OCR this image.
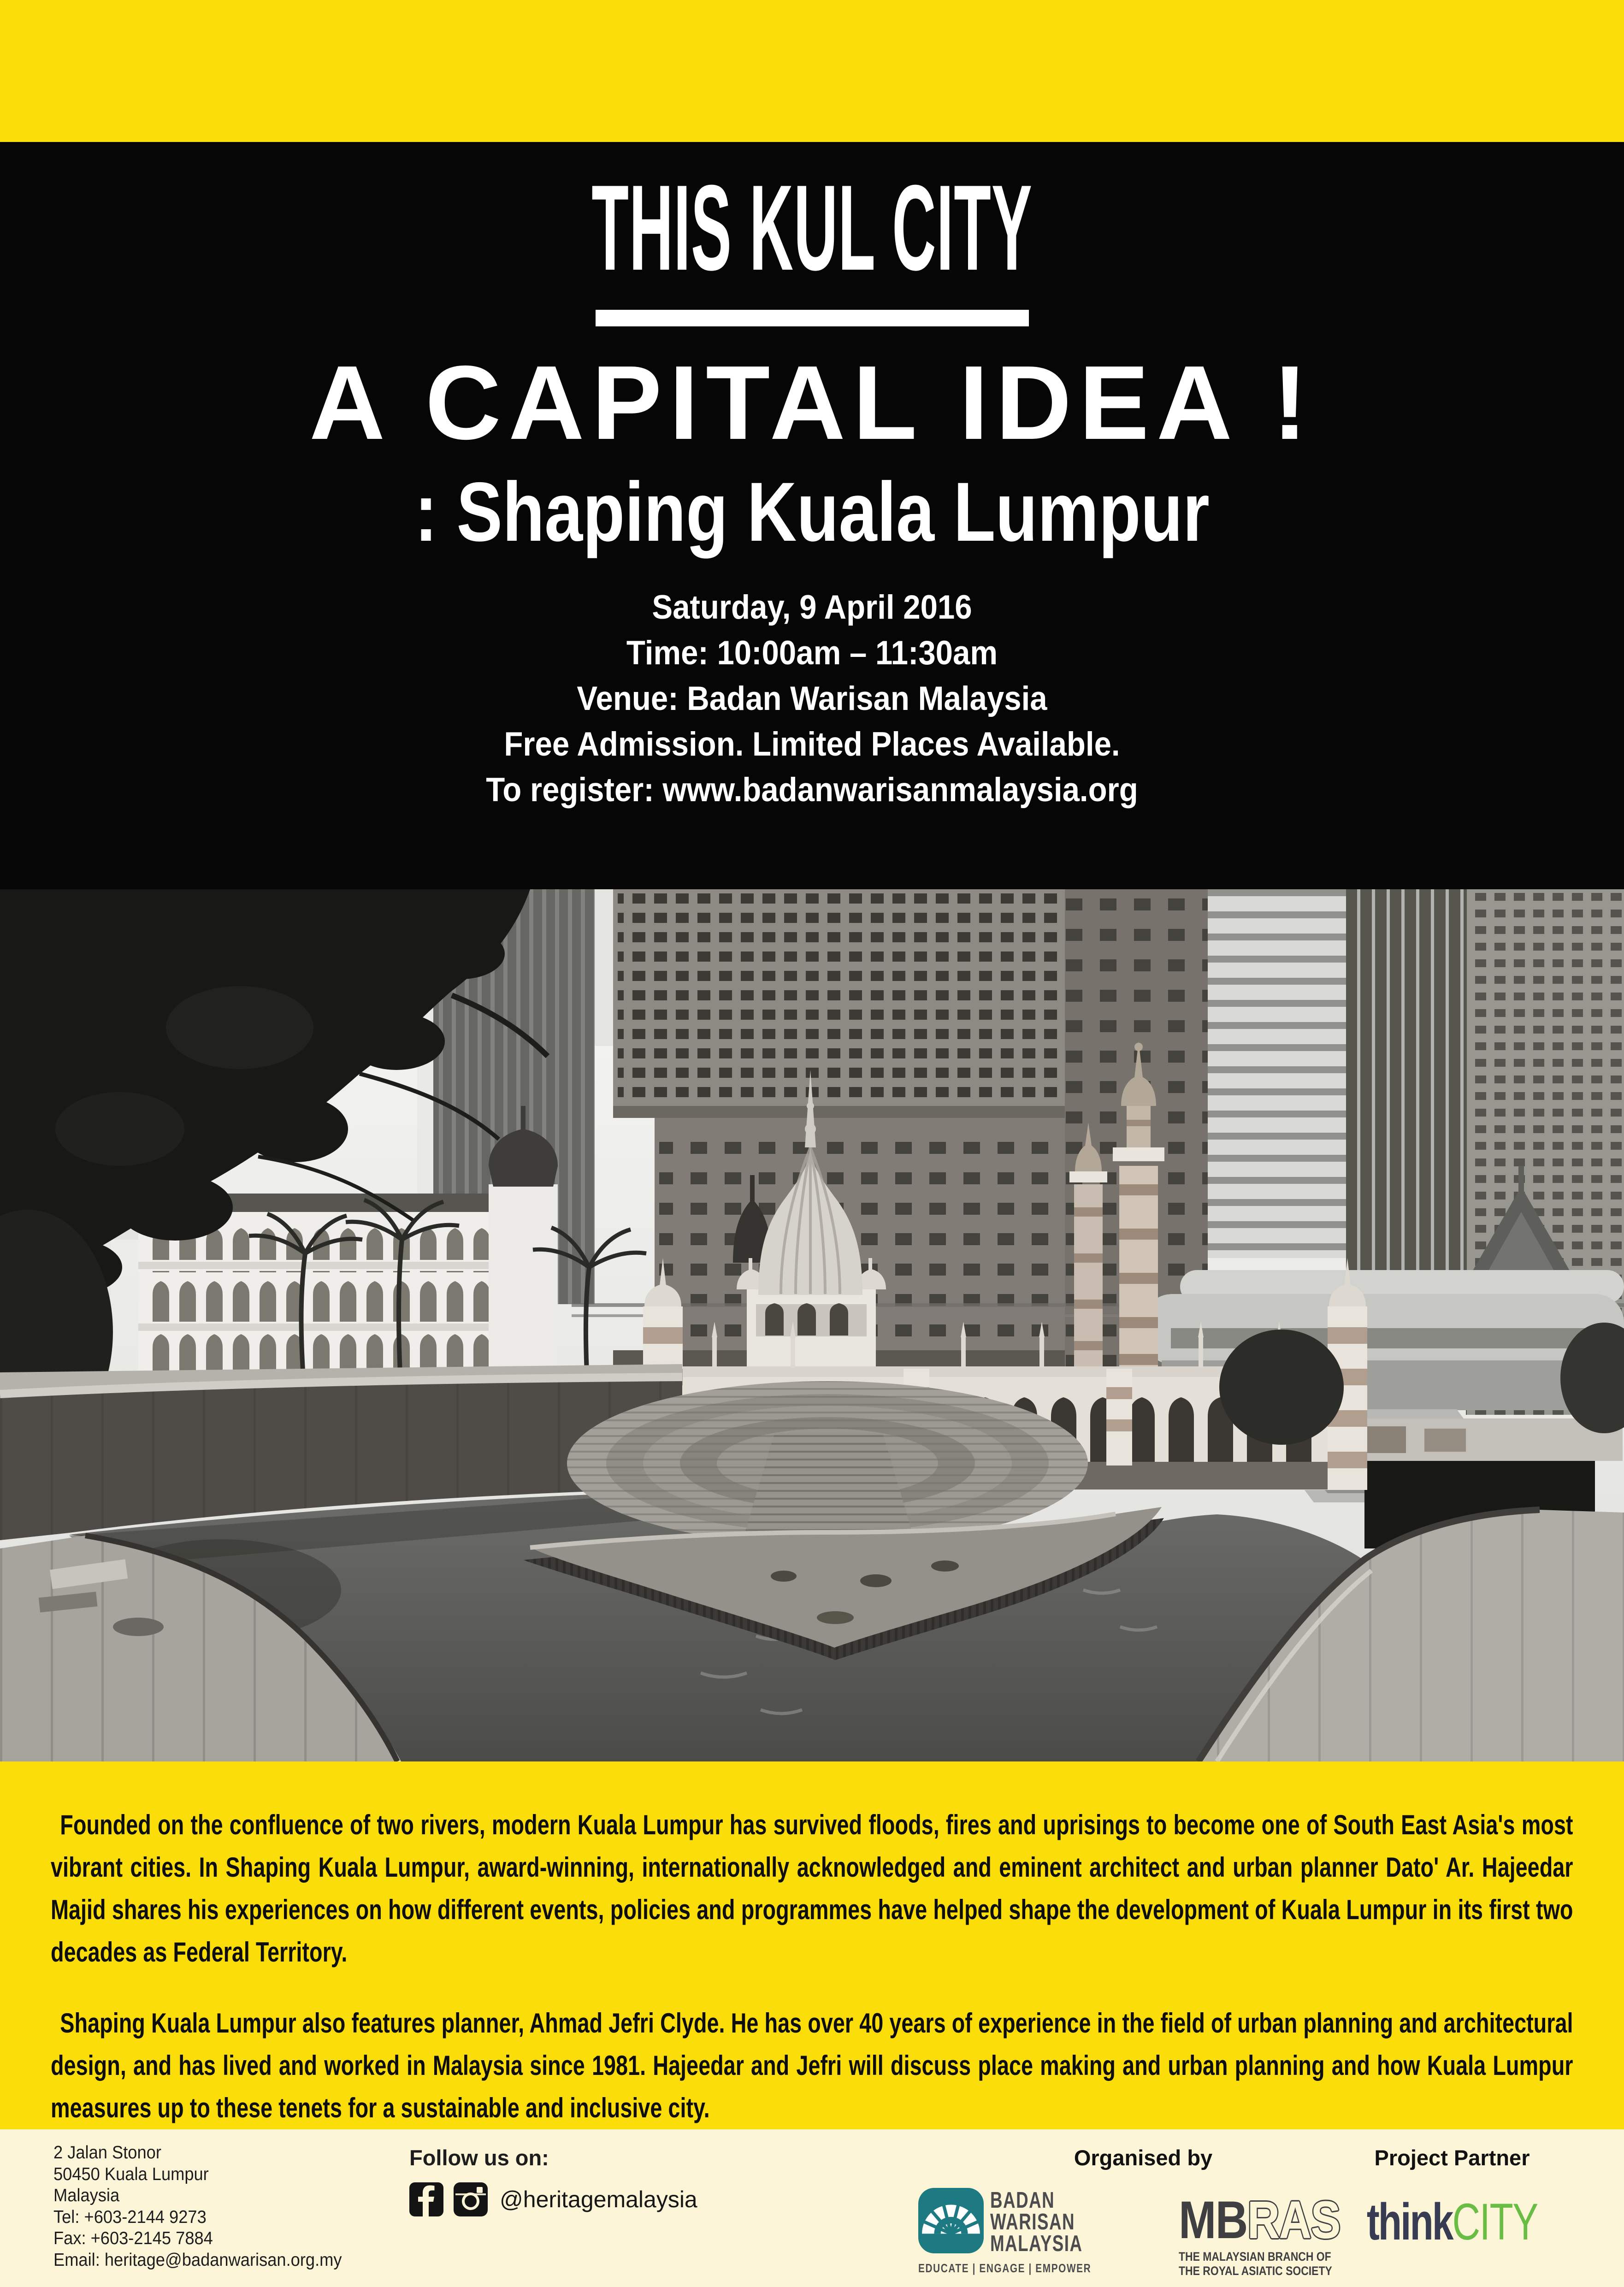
THIS KUL CITY
A CAPITAL IDEA !
: Shaping Kuala Lumpur
Saturday, 9 April 2016
Time: 10:00am – 11:30am
Venue: Badan Warisan Malaysia
Free Admission. Limited Places Available.
To register: www.badanwarisanmalaysia.org

Founded on the confluence of two rivers, modern Kuala Lumpur has survived floods, fires and uprisings to become one of South East Asia's most vibrant cities. In Shaping Kuala Lumpur, award-winning, internationally acknowledged and eminent architect and urban planner Dato' Ar. Hajeedar Majid shares his experiences on how different events, policies and programmes have helped shape the development of Kuala Lumpur in its first two decades as Federal Territory.

Shaping Kuala Lumpur also features planner, Ahmad Jefri Clyde. He has over 40 years of experience in the field of urban planning and architectural design, and has lived and worked in Malaysia since 1981. Hajeedar and Jefri will discuss place making and urban planning and how Kuala Lumpur measures up to these tenets for a sustainable and inclusive city.

2 Jalan Stonor
50450 Kuala Lumpur
Malaysia
Tel: +603-2144 9273
Fax: +603-2145 7884
Email: heritage@badanwarisan.org.my
Follow us on:
@heritagemalaysia
Organised by
BADAN
WARISAN
MALAYSIA
EDUCATE | ENGAGE | EMPOWER
MBRAS
THE MALAYSIAN BRANCH OF
THE ROYAL ASIATIC SOCIETY
Project Partner
thinkCITY
